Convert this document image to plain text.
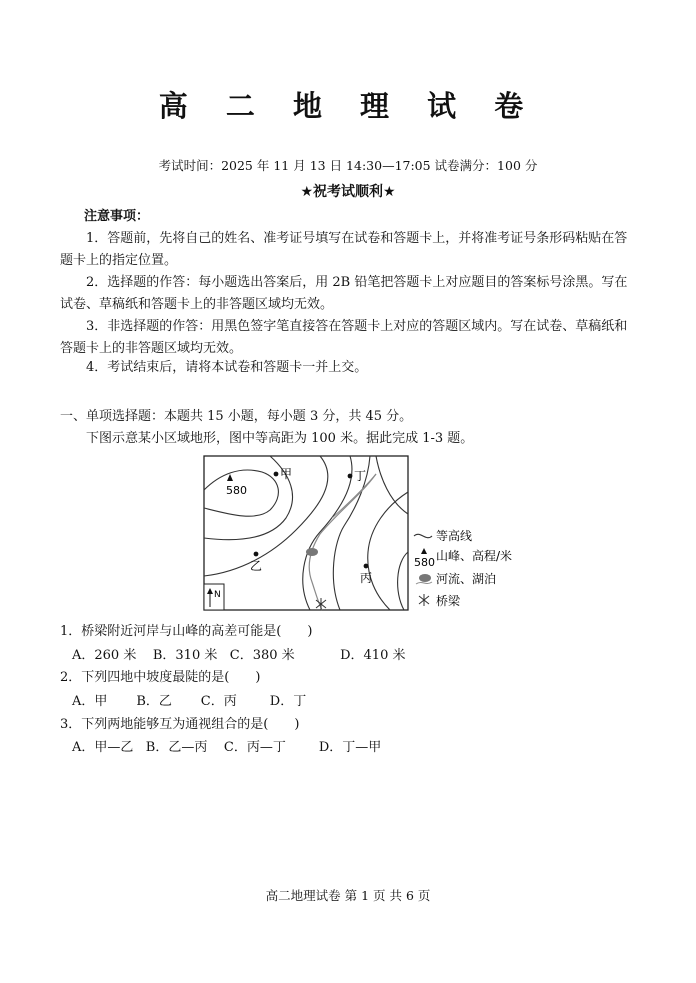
高 二 地 理 试 卷
考试时间：2025 年 11 月 13 日 14:30—17:05 试卷满分：100 分
★祝考试顺利★
注意事项：
1．答题前，先将自己的姓名、准考证号填写在试卷和答题卡上，并将准考证号条形码粘贴在答题卡上的指定位置。
2．选择题的作答：每小题选出答案后，用 2B 铅笔把答题卡上对应题目的答案标号涂黑。写在试卷、草稿纸和答题卡上的非答题区域均无效。
3．非选择题的作答：用黑色签字笔直接答在答题卡上对应的答题区域内。写在试卷、草稿纸和答题卡上的非答题区域均无效。
4．考试结束后，请将本试卷和答题卡一并上交。
一、单项选择题：本题共 15 小题，每小题 3 分，共 45 分。
下图示意某小区域地形，图中等高距为 100 米。据此完成 1-3 题。
580
甲	丁
乙
丙
N
等高线
580 山峰、高程/米
河流、湖泊
桥梁
1．桥梁附近河岸与山峰的高差可能是(　　)
A．260 米    B．310 米   C．380 米           D．410 米
2．下列四地中坡度最陡的是(　　)
A．甲       B．乙       C．丙        D．丁
3．下列两地能够互为通视组合的是(　　)
A．甲—乙   B．乙—丙    C．丙—丁        D．丁—甲
高二地理试卷 第 1 页 共 6 页
